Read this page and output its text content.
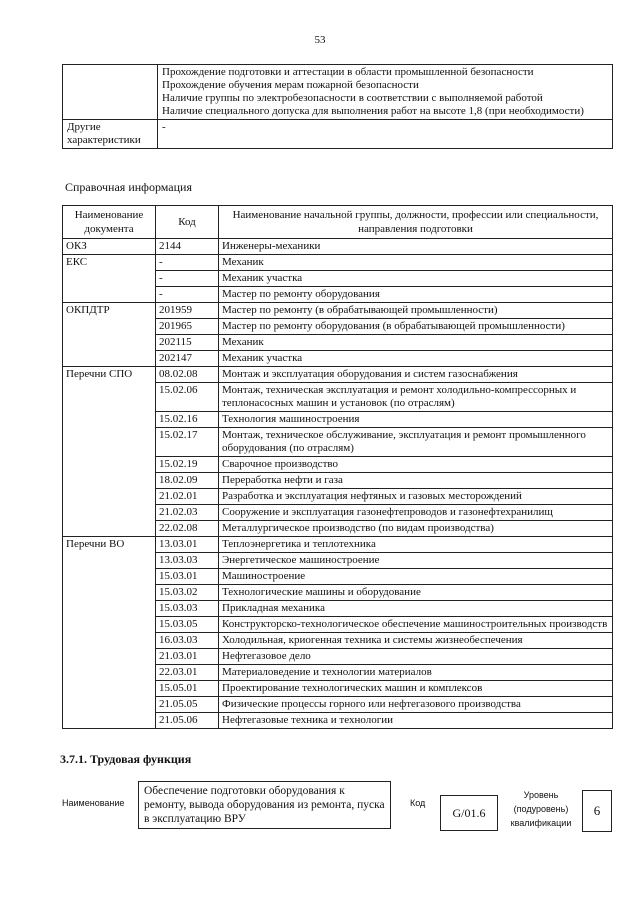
53

	Прохождение подготовки и аттестации в области промышленной безопасности
Прохождение обучения мерам пожарной безопасности
Наличие группы по электробезопасности в соответствии с выполняемой работой
Наличие специального допуска для выполнения работ на высоте 1,8 (при необходимости)

Другие характеристики	-
Справочная информация
Наименование документа	Код	Наименование начальной группы, должности, профессии или специальности, направления подготовки
ОКЗ	2144	Инженеры-механики
ЕКС	-	Механик
	-	Механик участка
	-	Мастер по ремонту оборудования
ОКПДТР	201959	Мастер по ремонту (в обрабатывающей промышленности)
	201965	Мастер по ремонту оборудования (в обрабатывающей промышленности)
	202115	Механик
	202147	Механик участка
Перечни СПО	08.02.08	Монтаж и эксплуатация оборудования и систем газоснабжения
	15.02.06	Монтаж, техническая эксплуатация и ремонт холодильно-компрессорных и теплонасосных машин и установок (по отраслям)
	15.02.16	Технология машиностроения
	15.02.17	Монтаж, техническое обслуживание, эксплуатация и ремонт промышленного оборудования (по отраслям)
	15.02.19	Сварочное производство
	18.02.09	Переработка нефти и газа
	21.02.01	Разработка и эксплуатация нефтяных и газовых месторождений
	21.02.03	Сооружение и эксплуатация газонефтепроводов и газонефтехранилищ
	22.02.08	Металлургическое производство (по видам производства)
Перечни ВО	13.03.01	Теплоэнергетика и теплотехника
	13.03.03	Энергетическое машиностроение
	15.03.01	Машиностроение
	15.03.02	Технологические машины и оборудование
	15.03.03	Прикладная механика
	15.03.05	Конструкторско-технологическое обеспечение машиностроительных производств
	16.03.03	Холодильная, криогенная техника и системы жизнеобеспечения
	21.03.01	Нефтегазовое дело
	22.03.01	Материаловедение и технологии материалов
	15.05.01	Проектирование технологических машин и комплексов
	21.05.05	Физические процессы горного или нефтегазового производства
	21.05.06	Нефтегазовые техника и технологии
3.7.1. Трудовая функция
Наименование
Обеспечение подготовки оборудования к ремонту, вывода оборудования из ремонта, пуска в эксплуатацию ВРУ
Код
G/01.6
Уровень
(подуровень)
квалификации
6
